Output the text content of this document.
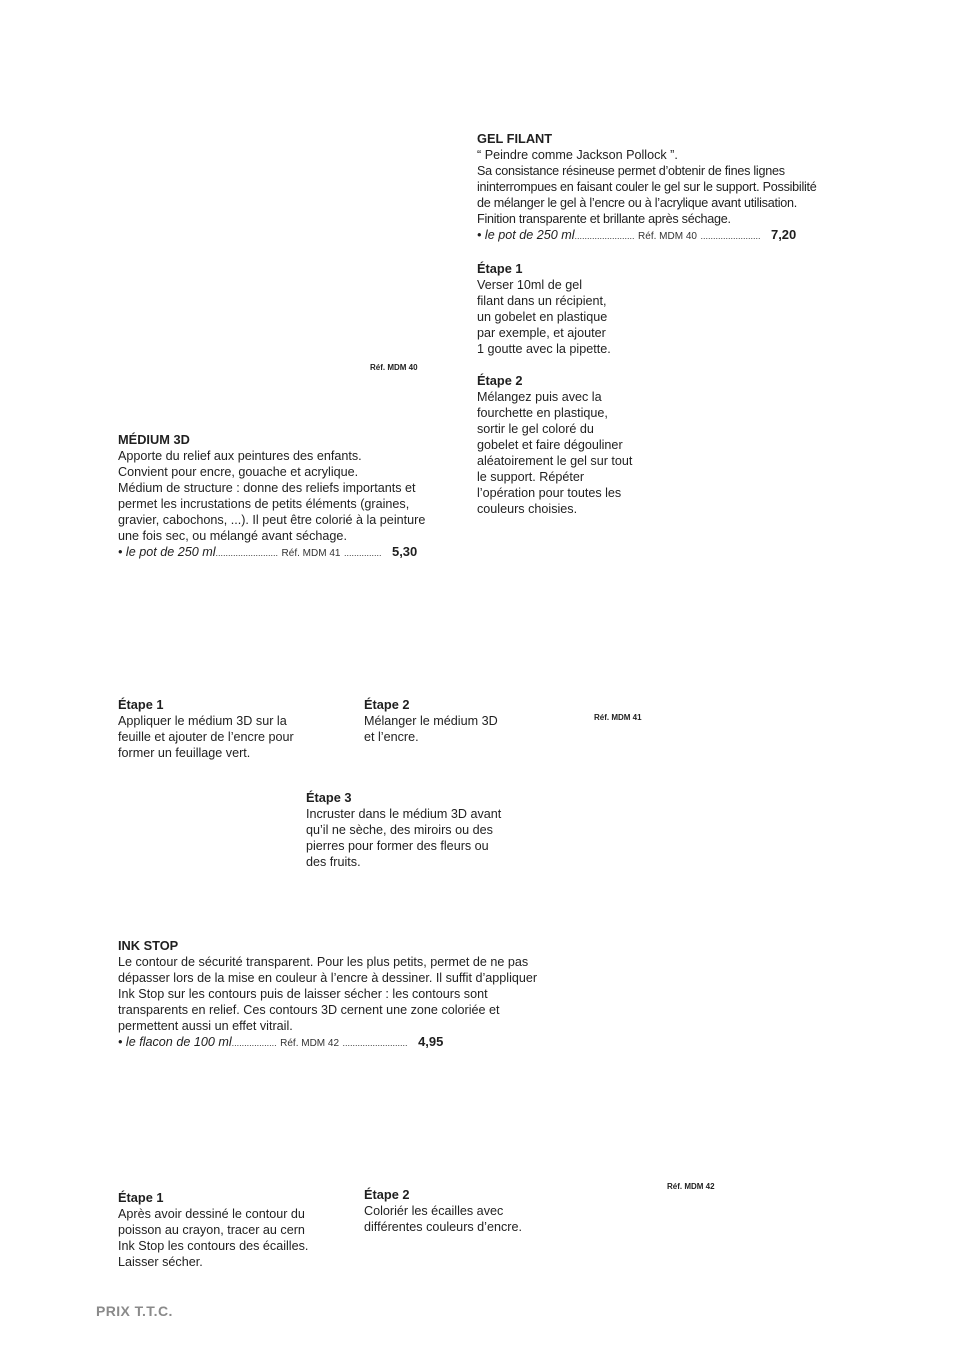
GEL FILANT

“ Peindre comme Jackson Pollock ”.

Sa consistance résineuse permet d’obtenir de fines lignes

ininterrompues en faisant couler le gel sur le support. Possibilité

de mélanger le gel à l’encre ou à l’acrylique avant utilisation.

Finition transparente et brillante après séchage.

• le pot de 250 ml........................ Réf. MDM 40 ........................ 7,20

Étape 1

Verser 10ml de gel

filant dans un récipient,

un gobelet en plastique

par exemple, et ajouter

1 goutte avec la pipette.

Étape 2

Mélangez puis avec la

fourchette en plastique,

sortir le gel coloré du

gobelet et faire dégouliner

aléatoirement le gel sur tout

le support. Répéter

l’opération pour toutes les

couleurs choisies.

Réf. MDM 40

MÉDIUM 3D

Apporte du relief aux peintures des enfants.

Convient pour encre, gouache et acrylique.

Médium de structure : donne des reliefs importants et

permet les incrustations de petits éléments (graines,

gravier, cabochons, ...). Il peut être colorié à la peinture

une fois sec, ou mélangé avant séchage.

• le pot de 250 ml......................... Réf. MDM 41 ............... 5,30

Étape 1

Appliquer le médium 3D sur la

feuille et ajouter de l’encre pour

former un feuillage vert.

Étape 2

Mélanger le médium 3D

et l’encre.

Réf. MDM 41

Étape 3

Incruster dans le médium 3D avant

qu’il ne sèche, des miroirs ou des

pierres pour former des fleurs ou

des fruits.

INK STOP

Le contour de sécurité transparent. Pour les plus petits, permet de ne pas

dépasser lors de la mise en couleur à l’encre à dessiner. Il suffit d’appliquer

Ink Stop sur les contours puis de laisser sécher : les contours sont

transparents en relief. Ces contours 3D cernent une zone coloriée et

permettent aussi un effet vitrail.

• le flacon de 100 ml.................. Réf. MDM 42 .......................... 4,95

Réf. MDM 42

Étape 1

Après avoir dessiné le contour du

poisson au crayon, tracer au cern

Ink Stop les contours des écailles.

Laisser sécher.

Étape 2

Coloriér les écailles avec

différentes couleurs d’encre.

PRIX T.T.C.
